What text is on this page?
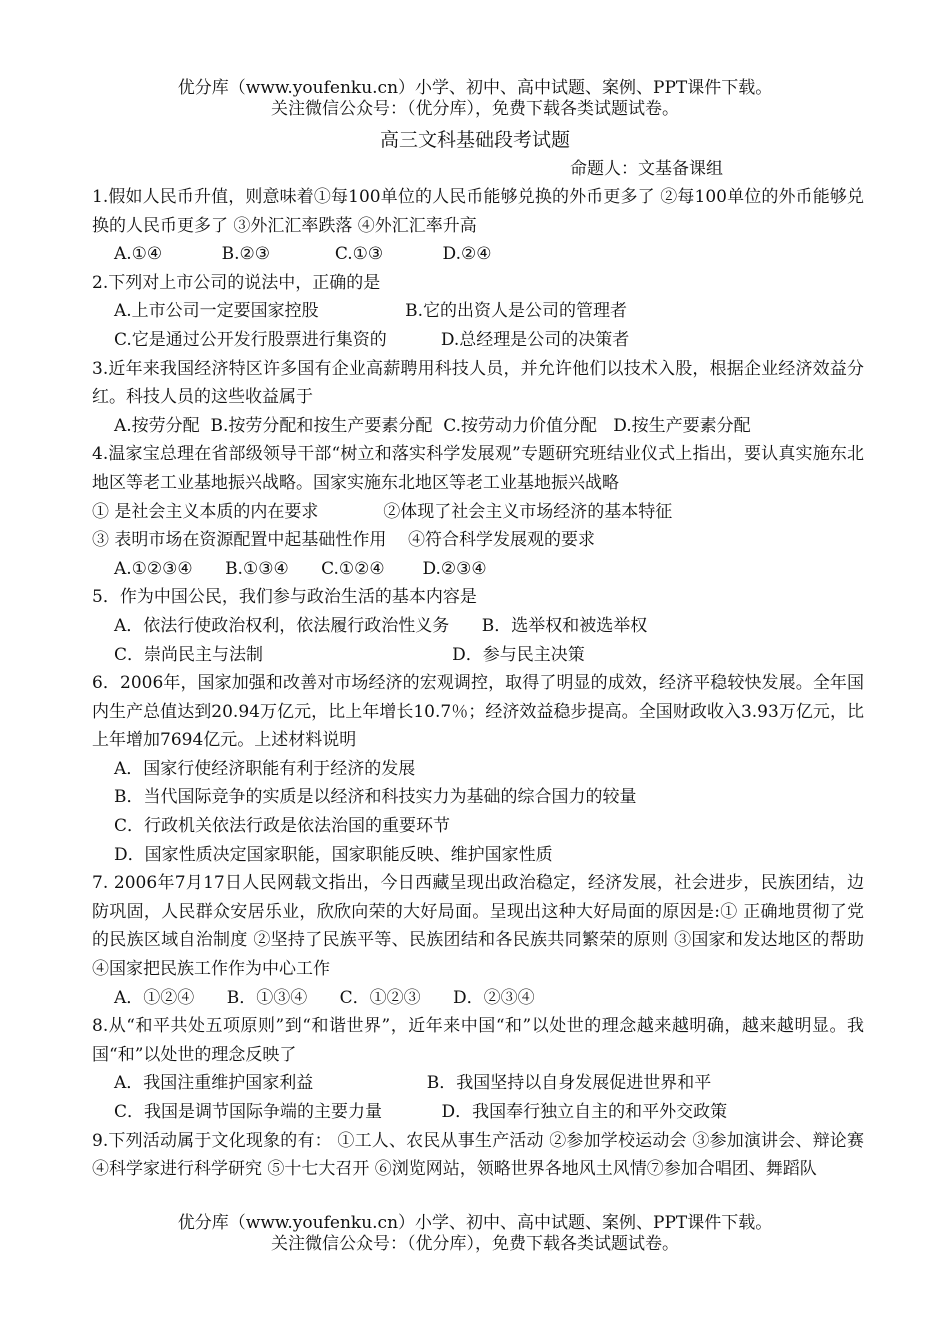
优分库（www.youfenku.cn）小学、初中、高中试题、案例、PPT课件下载。
关注微信公众号：（优分库），免费下载各类试题试卷。
高三文科基础段考试题
命题人：文基备课组

1.假如人民币升值，则意味着①每100单位的人民币能够兑换的外币更多了 ②每100单位的外币能够兑换的人民币更多了 ③外汇汇率跌落 ④外汇汇率升高

A.①④           B.②③            C.①③           D.②④

2.下列对上市公司的说法中，正确的是

A.上市公司一定要国家控股                B.它的出资人是公司的管理者

C.它是通过公开发行股票进行集资的          D.总经理是公司的决策者

3.近年来我国经济特区许多国有企业高薪聘用科技人员，并允许他们以技术入股，根据企业经济效益分红。科技人员的这些收益属于

A.按劳分配  B.按劳分配和按生产要素分配  C.按劳动力价值分配   D.按生产要素分配

4.温家宝总理在省部级领导干部“树立和落实科学发展观”专题研究班结业仪式上指出，要认真实施东北地区等老工业基地振兴战略。国家实施东北地区等老工业基地振兴战略

① 是社会主义本质的内在要求            ②体现了社会主义市场经济的基本特征

③ 表明市场在资源配置中起基础性作用    ④符合科学发展观的要求

A.①②③④      B.①③④      C.①②④       D.②③④

5．作为中国公民，我们参与政治生活的基本内容是

A．依法行使政治权利，依法履行政治性义务      B．选举权和被选举权

C．崇尚民主与法制                                   D．参与民主决策

6．2006年，国家加强和改善对市场经济的宏观调控，取得了明显的成效，经济平稳较快发展。全年国内生产总值达到20.94万亿元，比上年增长10.7％；经济效益稳步提高。全国财政收入3.93万亿元，比上年增加7694亿元。上述材料说明

A．国家行使经济职能有利于经济的发展

B．当代国际竞争的实质是以经济和科技实力为基础的综合国力的较量

C．行政机关依法行政是依法治国的重要环节

D．国家性质决定国家职能，国家职能反映、维护国家性质

7. 2006年7月17日人民网载文指出，今日西藏呈现出政治稳定，经济发展，社会进步，民族团结，边防巩固，人民群众安居乐业，欣欣向荣的大好局面。呈现出这种大好局面的原因是:① 正确地贯彻了党的民族区域自治制度 ②坚持了民族平等、民族团结和各民族共同繁荣的原则 ③国家和发达地区的帮助 ④国家把民族工作作为中心工作

A．①②④      B．①③④      C．①②③      D．②③④

8.从“和平共处五项原则”到“和谐世界”，近年来中国“和”以处世的理念越来越明确，越来越明显。我国“和”以处世的理念反映了

A．我国注重维护国家利益                     B．我国坚持以自身发展促进世界和平

C．我国是调节国际争端的主要力量           D．我国奉行独立自主的和平外交政策

9.下列活动属于文化现象的有： ①工人、农民从事生产活动 ②参加学校运动会 ③参加演讲会、辩论赛 ④科学家进行科学研究 ⑤十七大召开 ⑥浏览网站，领略世界各地风土风情⑦参加合唱团、舞蹈队

优分库（www.youfenku.cn）小学、初中、高中试题、案例、PPT课件下载。
关注微信公众号：（优分库），免费下载各类试题试卷。
